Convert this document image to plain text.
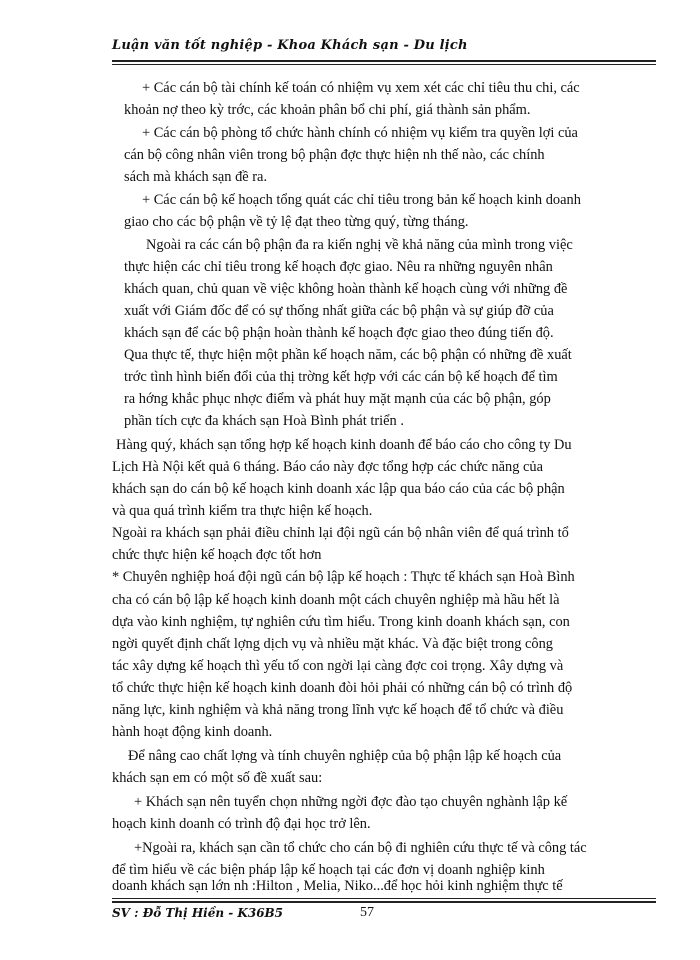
Luận văn tốt nghiệp - Khoa Khách sạn - Du lịch
+ Các cán bộ tài chính kế toán có nhiệm vụ xem xét các chỉ tiêu thu chi, các
khoản nợ theo kỳ trớc, các khoản phân bổ chi phí, giá thành sản phẩm.
+ Các cán bộ phòng tổ chức hành chính có nhiệm vụ kiểm tra quyền lợi của
cán bộ công nhân viên trong bộ phận đợc thực hiện nh thế nào, các chính
sách mà khách sạn đề ra.
+ Các cán bộ kế hoạch tổng quát các chỉ tiêu trong bản kế hoạch kinh doanh
giao cho các bộ phận về tỷ lệ đạt theo từng quý, từng tháng.
Ngoài ra các cán bộ phận đa ra kiến nghị về khả năng của mình trong việc
thực hiện các chỉ tiêu trong kế hoạch đợc giao. Nêu ra những nguyên nhân
khách quan, chủ quan về việc không hoàn thành kế hoạch cùng với những đề
xuất với Giám đốc để có sự thống nhất giữa các bộ phận và sự giúp đỡ của
khách sạn để các bộ phận hoàn thành kế hoạch đợc giao theo đúng tiến độ.
Qua thực tế, thực hiện một phần kế hoạch năm, các bộ phận có những đề xuất
trớc tình hình biến đổi của thị trờng kết hợp với các cán bộ kế hoạch để tìm
ra hớng khắc phục nhợc điểm và phát huy mặt mạnh của các bộ phận, góp
phần tích cực đa khách sạn Hoà Bình phát triển .
Hàng quý, khách sạn tổng hợp kế hoạch kinh doanh để báo cáo cho công ty Du
Lịch Hà Nội kết quả 6 tháng. Báo cáo này đợc tổng hợp các chức năng của
khách sạn do cán bộ kế hoạch kinh doanh xác lập qua báo cáo của các bộ phận
và qua quá trình kiểm tra thực hiện kế hoạch.
Ngoài ra khách sạn phải điều chỉnh lại đội ngũ cán bộ nhân viên để quá trình tổ
chức thực hiện kế hoạch đợc tốt hơn
* Chuyên nghiệp hoá đội ngũ cán bộ lập kế hoạch : Thực tế khách sạn Hoà Bình
cha có cán bộ lập kế hoạch kinh doanh một cách chuyên nghiệp mà hầu hết là
dựa vào kinh nghiệm, tự nghiên cứu tìm hiểu. Trong kinh doanh khách sạn, con
ngời quyết định chất lợng dịch vụ và nhiều mặt khác. Và đặc biệt trong công
tác xây dựng kế hoạch thì yếu tố con ngời lại càng đợc coi trọng. Xây dựng và
tổ chức thực hiện kế hoạch kinh doanh đòi hỏi phải có những cán bộ có trình độ
năng lực, kinh nghiệm và khả năng trong lĩnh vực kế hoạch để tổ chức và điều
hành hoạt động kinh doanh.
Để nâng cao chất lợng và tính chuyên nghiệp của bộ phận lập kế hoạch của
khách sạn em có một số đề xuất sau:
+ Khách sạn nên tuyển chọn những ngời đợc đào tạo chuyên nghành lập kế
hoạch kinh doanh có trình độ đại học trở lên.
+Ngoài ra, khách sạn cần tổ chức cho cán bộ đi nghiên cứu thực tế và công tác
để tìm hiểu về các biện pháp lập kế hoạch tại các đơn vị doanh nghiệp kinh
doanh khách sạn lớn nh :Hilton , Melia, Niko...để học hỏi kinh nghiệm thực tế
SV : Đỗ Thị Hiền - K36B5	57
